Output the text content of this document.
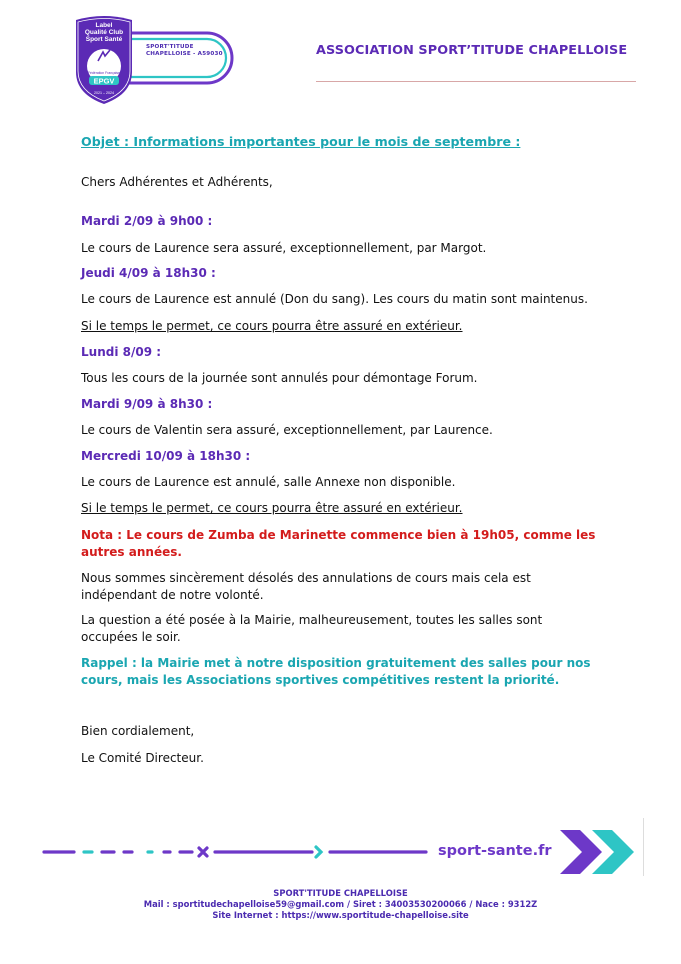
Label
Qualité Club
Sport Santé
Fédération Française
EPGV
2021 – 2024
SPORT'TITUDE
CHAPELLOISE - A59030	ASSOCIATION SPORT’TITUDE CHAPELLOISE

Objet : Informations importantes pour le mois de septembre :

Chers Adhérentes et Adhérents,

Mardi 2/09 à 9h00 :

Le cours de Laurence sera assuré, exceptionnellement, par Margot.

Jeudi 4/09 à 18h30 :

Le cours de Laurence est annulé (Don du sang). Les cours du matin sont maintenus.

Si le temps le permet, ce cours pourra être assuré en extérieur.

Lundi 8/09 :

Tous les cours de la journée sont annulés pour démontage Forum.

Mardi 9/09 à 8h30 :

Le cours de Valentin sera assuré, exceptionnellement, par Laurence.

Mercredi 10/09 à 18h30 :

Le cours de Laurence est annulé, salle Annexe non disponible.

Si le temps le permet, ce cours pourra être assuré en extérieur.

Nota : Le cours de Zumba de Marinette commence bien à 19h05, comme les autres années.

Nous sommes sincèrement désolés des annulations de cours mais cela est indépendant de notre volonté.

La question a été posée à la Mairie, malheureusement, toutes les salles sont occupées le soir.

Rappel : la Mairie met à notre disposition gratuitement des salles pour nos cours, mais les Associations sportives compétitives restent la priorité.

Bien cordialement,

Le Comité Directeur.

sport-sante.fr
SPORT'TITUDE CHAPELLOISE
Mail : sportitudechapelloise59@gmail.com / Siret : 34003530200066 / Nace : 9312Z
Site Internet : https://www.sportitude-chapelloise.site
